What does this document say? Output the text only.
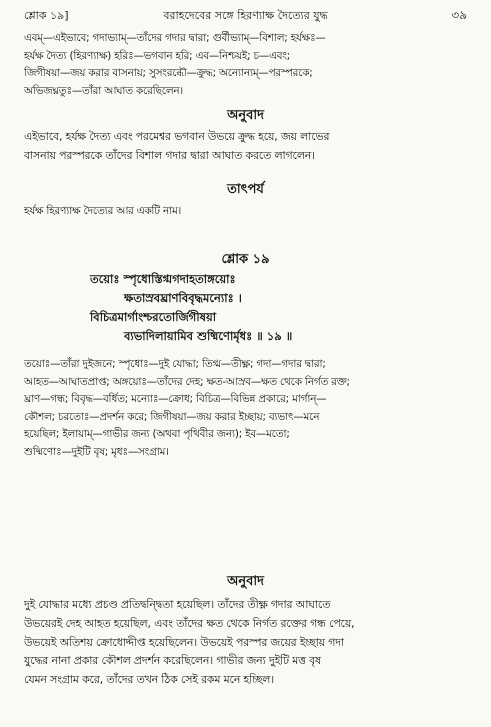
শ্লোক ১৯]	বরাহদেবের সঙ্গে হিরণ্যাক্ষ দৈত্যের যুদ্ধ	৩৯
এবম্—এইভাবে; গদাভ্যাম্—তাঁদের গদার দ্বারা; গুর্বীভ্যাম্—বিশাল; হর্যক্ষঃ—
হর্যক্ষ দৈত্য (হিরণ্যাক্ষ) হরিঃ—ভগবান হরি; এব—নিশ্চয়ই; চ—এবং;
জিগীষয়া—জয় করার বাসনায়; সুসংরব্ধৌ—ক্রুদ্ধ; অন্যোন্যম্—পরস্পরকে;
অভিজঘ্নতুঃ—তাঁরা আঘাত করেছিলেন।
অনুবাদ
এইভাবে, হর্যক্ষ দৈত্য এবং পরমেশ্বর ভগবান উভয়ে ক্রুদ্ধ হয়ে, জয় লাভের
বাসনায় পরস্পরকে তাঁদের বিশাল গদার দ্বারা আঘাত করতে লাগলেন।
তাৎপর্য
হর্যক্ষ হিরণ্যাক্ষ দৈত্যের আর একটি নাম।
শ্লোক ১৯
তয়োঃ স্পৃধোস্তিগ্মগদাহতাঙ্গয়োঃ
ক্ষতাস্রবঘ্রাণবিবৃদ্ধমন্যোঃ ।
বিচিত্রমার্গাংশ্চরতোর্জিগীষয়া
ব্যভাদিলায়ামিব শুষ্মিণোর্মৃধঃ ॥ ১৯ ॥
তয়োঃ—তাঁরা দুইজনে; স্পৃধোঃ—দুই যোদ্ধা; তিগ্ম—তীক্ষ্ণ; গদা—গদার দ্বারা;
আহত—আঘাতপ্রাপ্ত; অঙ্গয়োঃ—তাঁদের দেহ; ক্ষত-আস্রব—ক্ষত থেকে নির্গত রক্ত;
ঘ্রাণ—গন্ধ; বিবৃদ্ধ—বর্ধিত; মন্যোঃ—ক্রোধ; বিচিত্র—বিভিন্ন প্রকারে; মার্গান্—
কৌশল; চরতোঃ—প্রদর্শন করে; জিগীষয়া—জয় করার ইচ্ছায়; ব্যভাৎ—মনে
হয়েছিল; ইলায়াম্—গাভীর জন্য (অথবা পৃথিবীর জন্য); ইব—মতো;
শুষ্মিণোঃ—দুইটি বৃষ; মৃধঃ—সংগ্রাম।
অনুবাদ
দুই যোদ্ধার মধ্যে প্রচণ্ড প্রতিদ্বন্দ্বিতা হয়েছিল। তাঁদের তীক্ষ্ণ গদার আঘাতে
উভয়েরই দেহ আহত হয়েছিল, এবং তাঁদের ক্ষত থেকে নির্গত রক্তের গন্ধ পেয়ে,
উভয়েই অতিশয় ক্রোধোদ্দীপ্ত হয়েছিলেন। উভয়েই পরস্পর জয়ের ইচ্ছায় গদা
যুদ্ধের নানা প্রকার কৌশল প্রদর্শন করেছিলেন। গাভীর জন্য দুইটি মত্ত বৃষ
যেমন সংগ্রাম করে, তাঁদের তখন ঠিক সেই রকম মনে হচ্ছিল।
